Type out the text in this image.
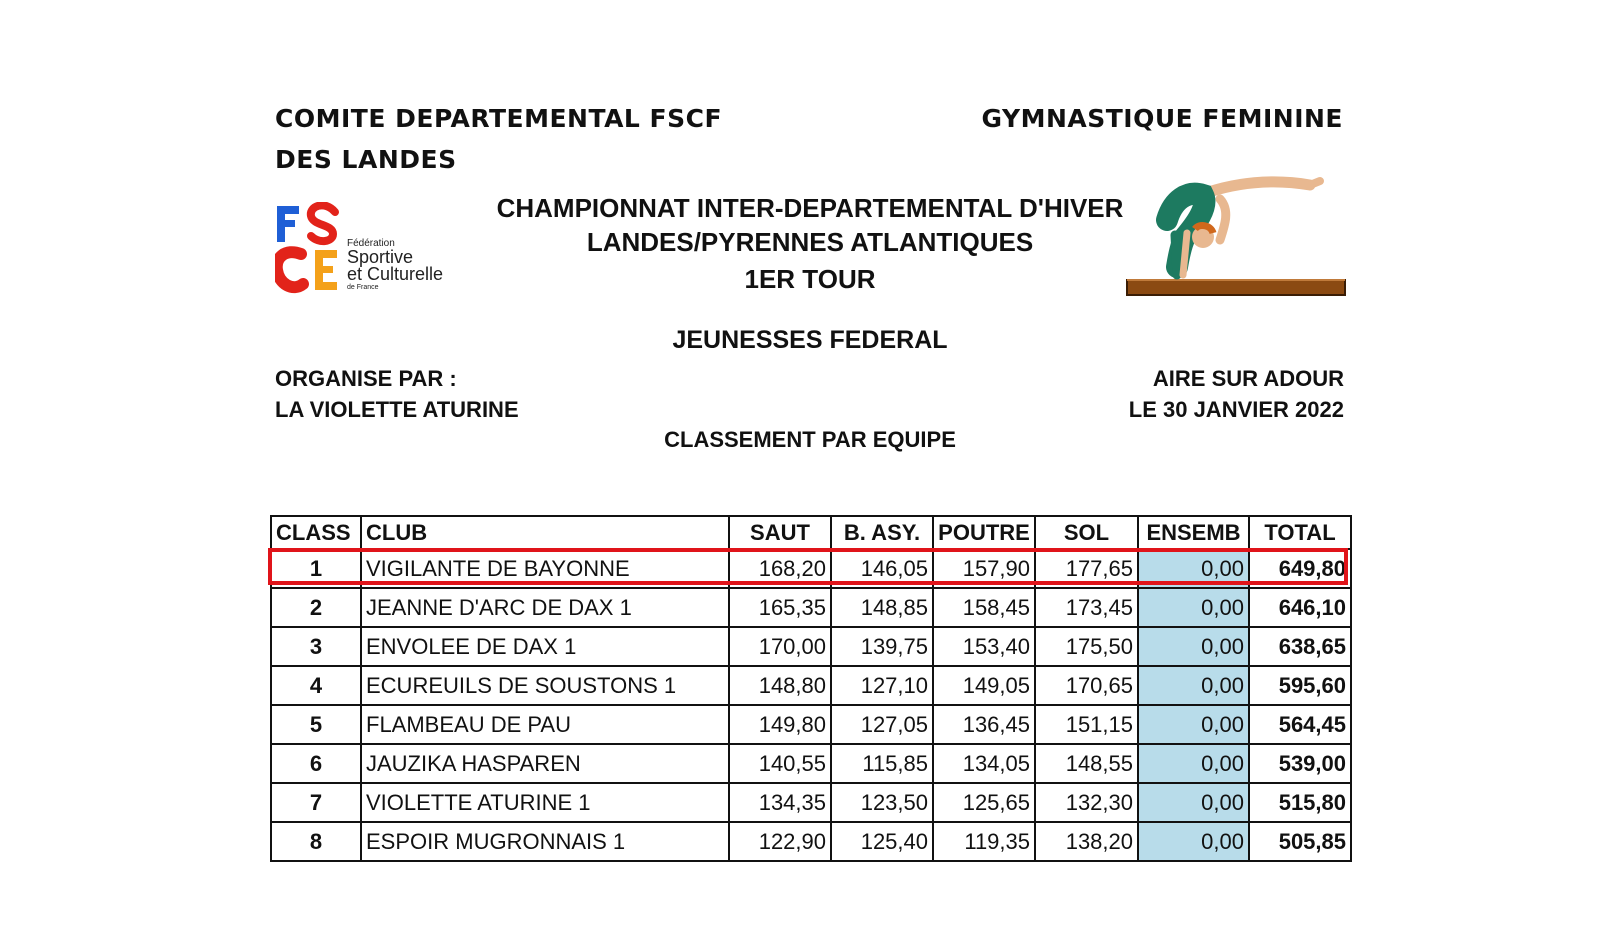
COMITE DEPARTEMENTAL FSCF
DES LANDES
GYMNASTIQUE FEMININE
Fédération
Sportive
et Culturelle
de France
CHAMPIONNAT INTER-DEPARTEMENTAL D'HIVER
LANDES/PYRENNES ATLANTIQUES
1ER TOUR
JEUNESSES FEDERAL
ORGANISE PAR :
LA VIOLETTE ATURINE
AIRE SUR ADOUR
LE 30 JANVIER 2022
CLASSEMENT PAR EQUIPE
CLASS	CLUB	SAUT	B. ASY.	POUTRE	SOL	ENSEMB	TOTAL
1	VIGILANTE DE BAYONNE	168,20	146,05	157,90	177,65	0,00	649,80
2	JEANNE D'ARC DE DAX 1	165,35	148,85	158,45	173,45	0,00	646,10
3	ENVOLEE DE DAX 1	170,00	139,75	153,40	175,50	0,00	638,65
4	ECUREUILS DE SOUSTONS 1	148,80	127,10	149,05	170,65	0,00	595,60
5	FLAMBEAU DE PAU	149,80	127,05	136,45	151,15	0,00	564,45
6	JAUZIKA HASPAREN	140,55	115,85	134,05	148,55	0,00	539,00
7	VIOLETTE ATURINE 1	134,35	123,50	125,65	132,30	0,00	515,80
8	ESPOIR MUGRONNAIS 1	122,90	125,40	119,35	138,20	0,00	505,85
